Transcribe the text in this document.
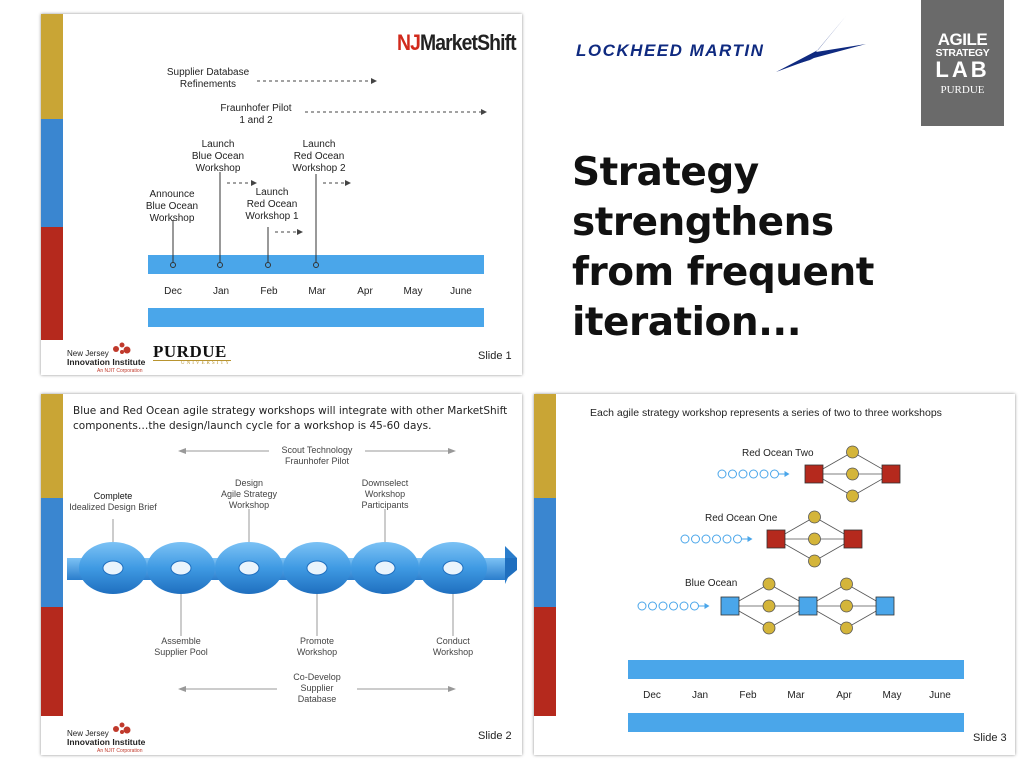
NJMarketShift
Supplier Database
Refinements
Fraunhofer Pilot
1 and 2
Launch
Blue Ocean
Workshop
Launch
Red Ocean
Workshop 2
Announce
Blue Ocean
Workshop
Launch
Red Ocean
Workshop 1
Dec	Jan	Feb	Mar	Apr	May	June
New Jersey
Innovation Institute
An NJIT Corporation
PURDUE
UNIVERSITY
Slide 1
LOCKHEED MARTIN
AGILE
STRATEGY
LAB
PURDUE
Strategy strengthens from frequent iteration...
Blue and Red Ocean agile strategy workshops will integrate with other MarketShift components…the design/launch cycle for a workshop is 45-60 days.
Scout Technology
Fraunhofer Pilot
Complete
Idealized Design Brief
Design
Agile Strategy
Workshop
Downselect
Workshop
Participants
Assemble
Supplier Pool
Promote
Workshop
Conduct
Workshop
Co-Develop
Supplier
Database
New Jersey
Innovation Institute
An NJIT Corporation
Slide 2
Each agile strategy workshop represents a series of two to three workshops
Red Ocean Two
Red Ocean One
Blue Ocean
Dec	Jan	Feb	Mar	Apr	May	June
Slide 3
